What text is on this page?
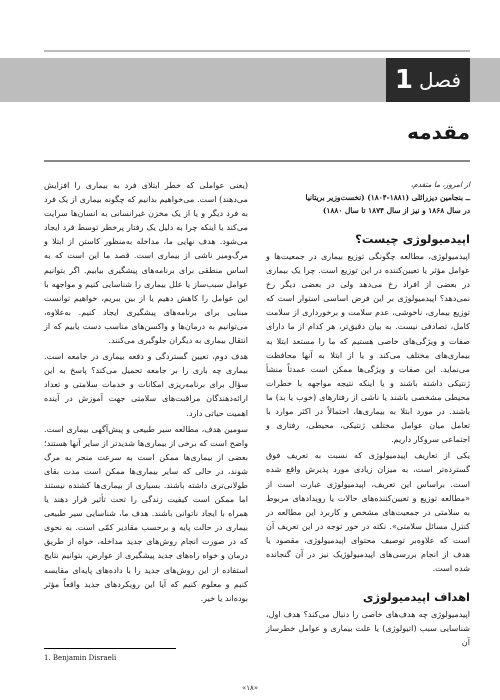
فصل
1
مقدمه

از امروز، ما متقدم،
ــ بنجامین دیزرائلی (۱۸۸۱-۱۸۰۴) (نخست‌وزیر بریتانیا
در سال ۱۸۶۸ و نیز از سال ۱۸۷۴ تا سال ۱۸۸۰)

اپیدمیولوژی چیست؟

اپیدمیولوژی، مطالعه چگونگی توزیع بیماری در جمعیت‌ها و عوامل مؤثر یا تعیین‌کننده در این توزیع است. چرا یک بیماری در بعضی از افراد رخ می‌دهد ولی در بعضی دیگر رخ نمی‌دهد؟ اپیدمیولوژی بر این فرض اساسی استوار است که توزیع بیماری، ناخوشی، عدم سلامت و برخورداری از سلامت کامل، تصادفی نیست. به بیان دقیق‌تر، هر کدام از ما دارای صفات و ویژگی‌های خاصی هستیم که ما را مستعد ابتلا به بیماری‌های مختلف می‌کند و یا از ابتلا به آنها محافظت می‌نماید. این صفات و ویژگی‌ها ممکن است عمدتاً منشأ ژنتیکی داشته باشند و یا اینکه نتیجه مواجهه با خطرات محیطی مشخصی باشند یا ناشی از رفتارهای (خوب یا بد) ما باشند. در مورد ابتلا به بیماری‌ها، احتمالاً در اکثر موارد با تعامل میان عوامل مختلف ژنتیکی، محیطی، رفتاری و اجتماعی سروکار داریم.

یکی از تعاریف اپیدمیولوژی که نسبت به تعریف فوق گسترده‌تر است، به میزان زیادی مورد پذیرش واقع شده است. براساس این تعریف، اپیدمیولوژی عبارت است از «مطالعه توزیع و تعیین‌کننده‌های حالات یا رویدادهای مربوط به سلامتی در جمعیت‌های مشخص و کاربرد این مطالعه در کنترل مسائل سلامتی». نکته در خور توجه در این تعریف آن است که علاوه‌بر توصیف محتوای اپیدمیولوژی، مقصود یا هدف از انجام بررسی‌های اپیدمیولوژیک نیز در آن گنجانده شده است.

اهداف اپیدمیولوژی

اپیدمیولوژی چه هدف‌های خاصی را دنبال می‌کند؟ هدف اول، شناسایی سبب (اتیولوژی) یا علت بیماری و عوامل خطرساز آن

(یعنی عواملی که خطر ابتلای فرد به بیماری را افزایش می‌دهند) است. می‌خواهیم بدانیم که چگونه بیماری از یک فرد به فرد دیگر و یا از یک مخزن غیرانسانی به انسان‌ها سرایت می‌کند یا اینکه چرا به دلیل یک رفتار پرخطر توسط فرد ایجاد می‌شود. هدف نهایی ما، مداخله به‌منظور کاستن از ابتلا و مرگ‌ومیر ناشی از بیماری است. قصد ما این است که به اساس منطقی برای برنامه‌های پیشگیری بیابیم. اگر بتوانیم عوامل سبب‌ساز یا علل بیماری را شناسایی کنیم و مواجهه با این عوامل را کاهش دهیم یا از بین ببریم، خواهیم توانست مبنایی برای برنامه‌های پیشگیری ایجاد کنیم. به‌علاوه، می‌توانیم به درمان‌ها و واکسن‌های مناسب دست یابیم که از انتقال بیماری به دیگران جلوگیری می‌کنند.

هدف دوم، تعیین گستردگی و دفعه بیماری در جامعه است. بیماری چه باری را بر جامعه تحمیل می‌کند؟ پاسخ به این سؤال برای برنامه‌ریزی امکانات و خدمات سلامتی و تعداد ارائه‌دهندگان مراقبت‌های سلامتی جهت آموزش در آینده اهمیت حیاتی دارد.

سومین هدف، مطالعه سیر طبیعی و پیش‌آگهی بیماری است. واضح است که برخی از بیماری‌ها شدیدتر از سایر آنها هستند؛ بعضی از بیماری‌ها ممکن است به سرعت منجر به مرگ شوند، در حالی که سایر بیماری‌ها ممکن است مدت بقای طولانی‌تری داشته باشند. بسیاری از بیماری‌ها کشنده نیستند اما ممکن است کیفیت زندگی را تحت تأثیر قرار دهند یا همراه با ایجاد ناتوانی باشند. هدف ما، شناسایی سیر طبیعی بیماری در حالت پایه و برحسب مقادیر کمّی است. به نحوی که در صورت انجام روش‌های جدید مداخله، خواه از طریق درمان و خواه راه‌های جدید پیشگیری از عوارض، بتوانیم نتایج استفاده از این روش‌های جدید را با داده‌های پایه‌ای مقایسه کنیم و معلوم کنیم که آیا این رویکردهای جدید واقعاً مؤثر بوده‌اند یا خیر.

1. Benjamin Disraeli
«۱۸»
